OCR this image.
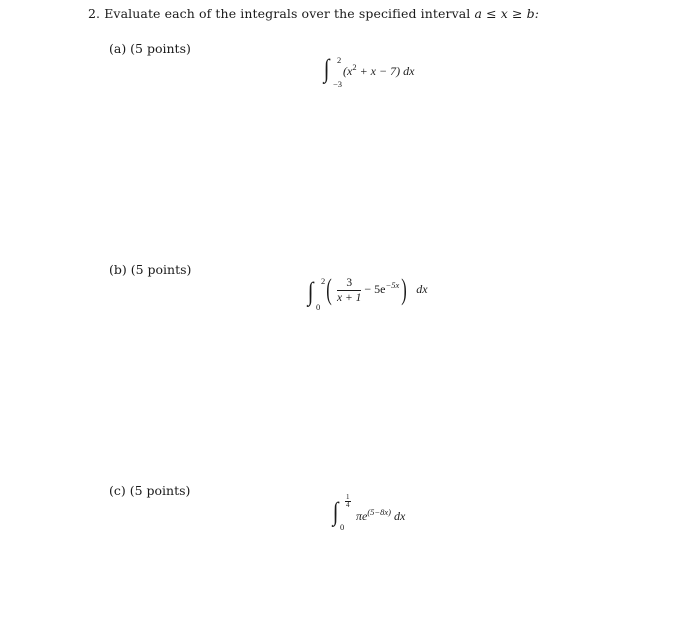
2. Evaluate each of the integrals over the specified interval a ≤ x ≥ b:
(a) (5 points)
∫ 2
−3
$(x^2 + x - 7)$ dx
(b) (5 points)
∫ 2
0
( $\frac{3}{x + 1} - 5e^{-5x}$) dx
(c) (5 points)
∫ $\frac{1}{4}$
0
$\pi e^{(5-8x)}$ dx
